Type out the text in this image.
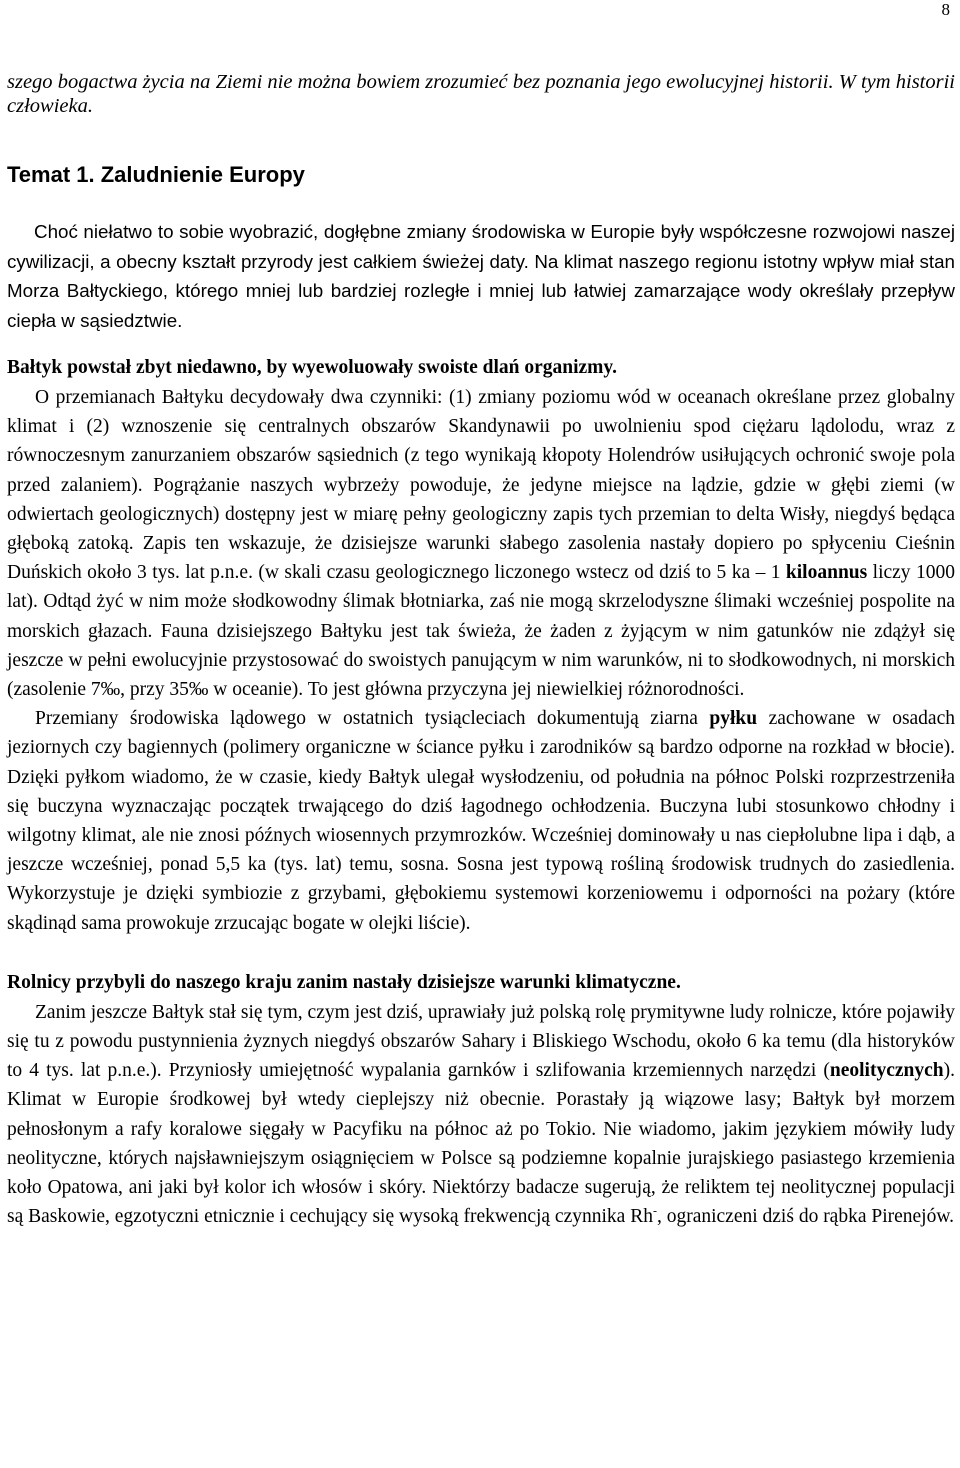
8

szego bogactwa życia na Ziemi nie można bowiem zrozumieć bez poznania jego ewolucyjnej historii. W tym historii człowieka.

Temat 1. Zaludnienie Europy

Choć niełatwo to sobie wyobrazić, dogłębne zmiany środowiska w Europie były współczesne rozwojowi naszej cywilizacji, a obecny kształt przyrody jest całkiem świeżej daty. Na klimat naszego regionu istotny wpływ miał stan Morza Bałtyckiego, którego mniej lub bardziej rozległe i mniej lub łatwiej zamarzające wody określały przepływ ciepła w sąsiedztwie.

Bałtyk powstał zbyt niedawno, by wyewoluowały swoiste dlań organizmy.

O przemianach Bałtyku decydowały dwa czynniki: (1) zmiany poziomu wód w oceanach określane przez globalny klimat i (2) wznoszenie się centralnych obszarów Skandynawii po uwolnieniu spod ciężaru lądolodu, wraz z równoczesnym zanurzaniem obszarów sąsiednich (z tego wynikają kłopoty Holendrów usiłujących ochronić swoje pola przed zalaniem). Pogrążanie naszych wybrzeży powoduje, że jedyne miejsce na lądzie, gdzie w głębi ziemi (w odwiertach geologicznych) dostępny jest w miarę pełny geologiczny zapis tych przemian to delta Wisły, niegdyś będąca głęboką zatoką. Zapis ten wskazuje, że dzisiejsze warunki słabego zasolenia nastały dopiero po spłyceniu Cieśnin Duńskich około 3 tys. lat p.n.e. (w skali czasu geologicznego liczonego wstecz od dziś to 5 ka – 1 kiloannus liczy 1000 lat). Odtąd żyć w nim może słodkowodny ślimak błotniarka, zaś nie mogą skrzelodyszne ślimaki wcześniej pospolite na morskich głazach. Fauna dzisiejszego Bałtyku jest tak świeża, że żaden z żyjącym w nim gatunków nie zdążył się jeszcze w pełni ewolucyjnie przystosować do swoistych panującym w nim warunków, ni to słodkowodnych, ni morskich (zasolenie 7‰, przy 35‰ w oceanie). To jest główna przyczyna jej niewielkiej różnorodności.

Przemiany środowiska lądowego w ostatnich tysiącleciach dokumentują ziarna pyłku zachowane w osadach jeziornych czy bagiennych (polimery organiczne w ściance pyłku i zarodników są bardzo odporne na rozkład w błocie). Dzięki pyłkom wiadomo, że w czasie, kiedy Bałtyk ulegał wysłodzeniu, od południa na północ Polski rozprzestrzeniła się buczyna wyznaczając początek trwającego do dziś łagodnego ochłodzenia. Buczyna lubi stosunkowo chłodny i wilgotny klimat, ale nie znosi późnych wiosennych przymrozków. Wcześniej dominowały u nas ciepłolubne lipa i dąb, a jeszcze wcześniej, ponad 5,5 ka (tys. lat) temu, sosna. Sosna jest typową rośliną środowisk trudnych do zasiedlenia. Wykorzystuje je dzięki symbiozie z grzybami, głębokiemu systemowi korzeniowemu i odporności na pożary (które skądinąd sama prowokuje zrzucając bogate w olejki liście).

Rolnicy przybyli do naszego kraju zanim nastały dzisiejsze warunki klimatyczne.

Zanim jeszcze Bałtyk stał się tym, czym jest dziś, uprawiały już polską rolę prymitywne ludy rolnicze, które pojawiły się tu z powodu pustynnienia żyznych niegdyś obszarów Sahary i Bliskiego Wschodu, około 6 ka temu (dla historyków to 4 tys. lat p.n.e.). Przyniosły umiejętność wypalania garnków i szlifowania krzemiennych narzędzi (neolitycznych). Klimat w Europie środkowej był wtedy cieplejszy niż obecnie. Porastały ją wiązowe lasy; Bałtyk był morzem pełnosłonym a rafy koralowe sięgały w Pacyfiku na północ aż po Tokio. Nie wiadomo, jakim językiem mówiły ludy neolityczne, których najsławniejszym osiągnięciem w Polsce są podziemne kopalnie jurajskiego pasiastego krzemienia koło Opatowa, ani jaki był kolor ich włosów i skóry. Niektórzy badacze sugerują, że reliktem tej neolitycznej populacji są Baskowie, egzotyczni etnicznie i cechujący się wysoką frekwencją czynnika Rh-, ograniczeni dziś do rąbka Pirenejów.
